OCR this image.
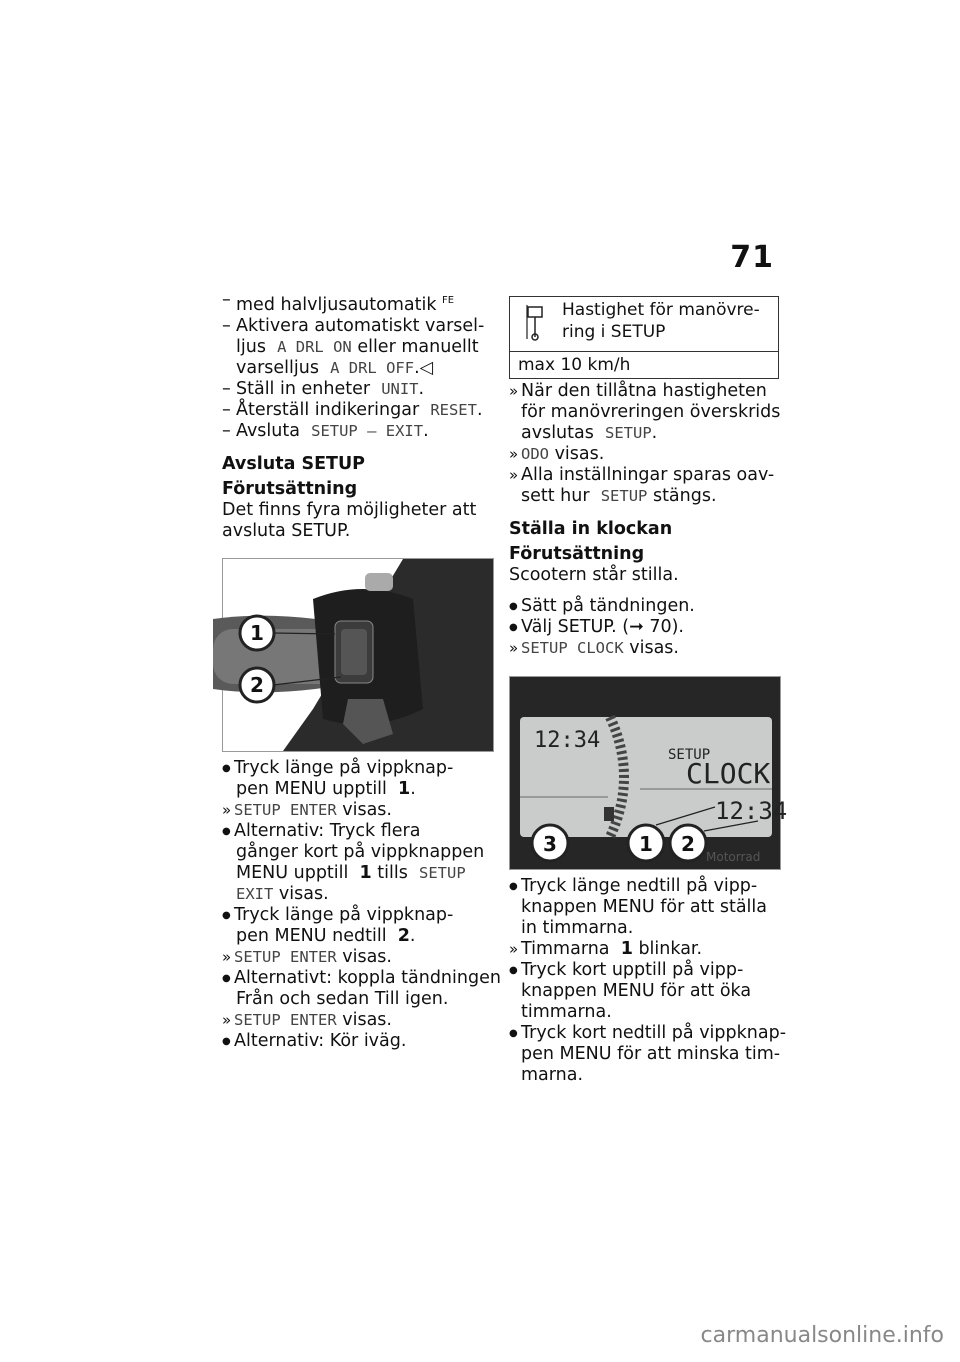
71

– med halvljusautomatik $^{FE}$

– Aktivera automatiskt varsel-

ljus A DRL ON eller manuellt

varselljus A DRL OFF.◁

– Ställ in enheter UNIT.

– Återställ indikeringar RESET.

– Avsluta SETUP – EXIT.

Avsluta SETUP

Förutsättning

Det finns fyra möjligheter att

avsluta SETUP.

1
2

● Tryck länge på vippknap-

pen MENU upptill 1.

» SETUP ENTER visas.

● Alternativ: Tryck flera

gånger kort på vippknappen

MENU upptill 1 tills SETUP

EXIT visas.

● Tryck länge på vippknap-

pen MENU nedtill 2.

» SETUP ENTER visas.

● Alternativt: koppla tändningen

Från och sedan Till igen.

» SETUP ENTER visas.

● Alternativ: Kör iväg.

Hastighet för manövre-ring i SETUP
max 10 km/h

» När den tillåtna hastigheten

för manövreringen överskrids

avslutas SETUP.

» ODO visas.

» Alla inställningar sparas oav-

sett hur SETUP stängs.

Ställa in klockan

Förutsättning

Scootern står stilla.

● Sätt på tändningen.

● Välj SETUP. (➞ 70).

» SETUP CLOCK visas.

12:34
SETUP
CLOCK
12:34
Motorrad
3	1 2

● Tryck länge nedtill på vipp-

knappen MENU för att ställa

in timmarna.

» Timmarna 1 blinkar.

● Tryck kort upptill på vipp-

knappen MENU för att öka

timmarna.

● Tryck kort nedtill på vippknap-

pen MENU för att minska tim-

marna.

carmanualsonline.info
